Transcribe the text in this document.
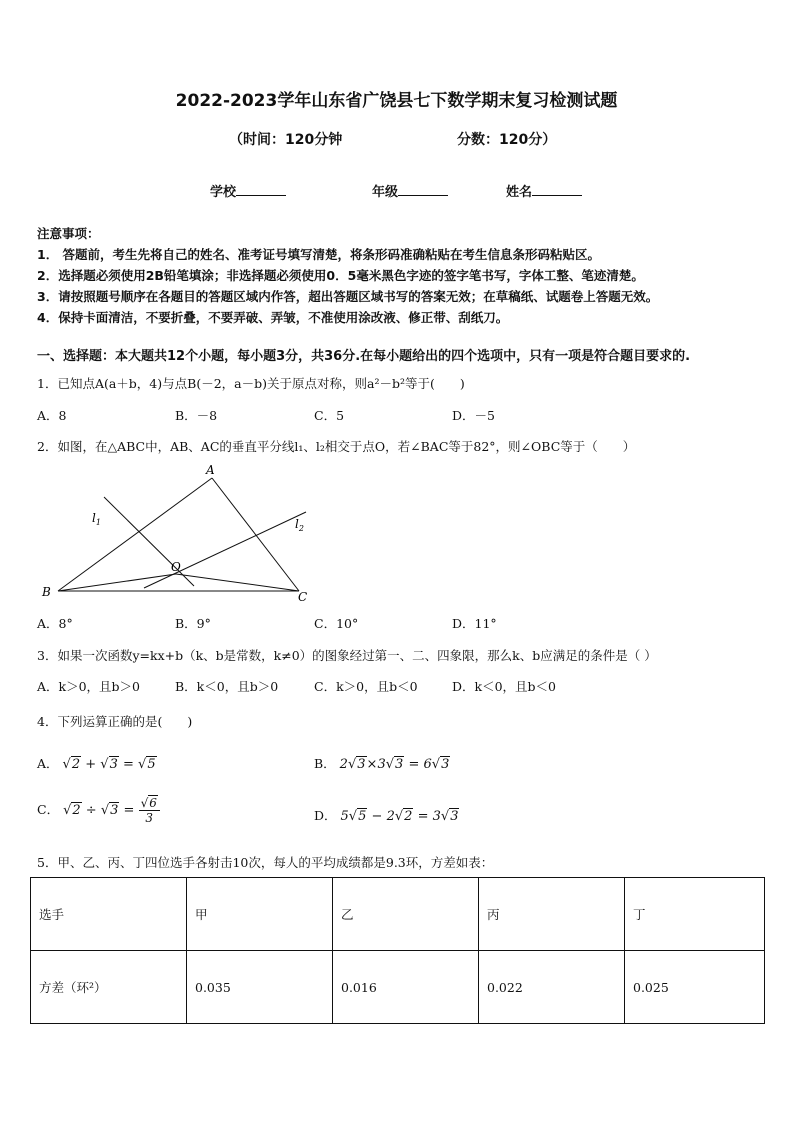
2022-2023学年山东省广饶县七下数学期末复习检测试题
（时间：120分钟	分数：120分）
学校	年级	姓名
注意事项：
1． 答题前，考生先将自己的姓名、准考证号填写清楚，将条形码准确粘贴在考生信息条形码粘贴区。
2．选择题必须使用2B铅笔填涂；非选择题必须使用0．5毫米黑色字迹的签字笔书写，字体工整、笔迹清楚。
3．请按照题号顺序在各题目的答题区域内作答，超出答题区域书写的答案无效；在草稿纸、试题卷上答题无效。
4．保持卡面清洁，不要折叠，不要弄破、弄皱，不准使用涂改液、修正带、刮纸刀。
一、选择题：本大题共12个小题，每小题3分，共36分.在每小题给出的四个选项中，只有一项是符合题目要求的.
1．已知点A(a＋b，4)与点B(－2，a－b)关于原点对称，则a²－b²等于(　　)
A．8	B．－8	C．5	D．－5
2．如图，在△ABC中，AB、AC的垂直平分线l₁、l₂相交于点O，若∠BAC等于82°，则∠OBC等于（　　）
A
B	C
O
$l_1$	$l_2$
A．8°	B．9°	C．10°	D．11°
3．如果一次函数y=kx+b（k、b是常数，k≠0）的图象经过第一、二、四象限，那么k、b应满足的条件是（ ）
A．k＞0，且b＞0	B．k＜0，且b＞0	C．k＞0，且b＜0	D．k＜0，且b＜0
4．下列运算正确的是(　　)
A． √2 + √3 = √5	B． 2√3×3√3 = 6√3
C． $√2 \div √3 = \frac{√6}{3}$	D． 5√5 − 2√2 = 3√3
5．甲、乙、丙、丁四位选手各射击10次，每人的平均成绩都是9.3环，方差如表：
选手	甲	乙	丙	丁
方差（环²）	0.035	0.016	0.022	0.025
